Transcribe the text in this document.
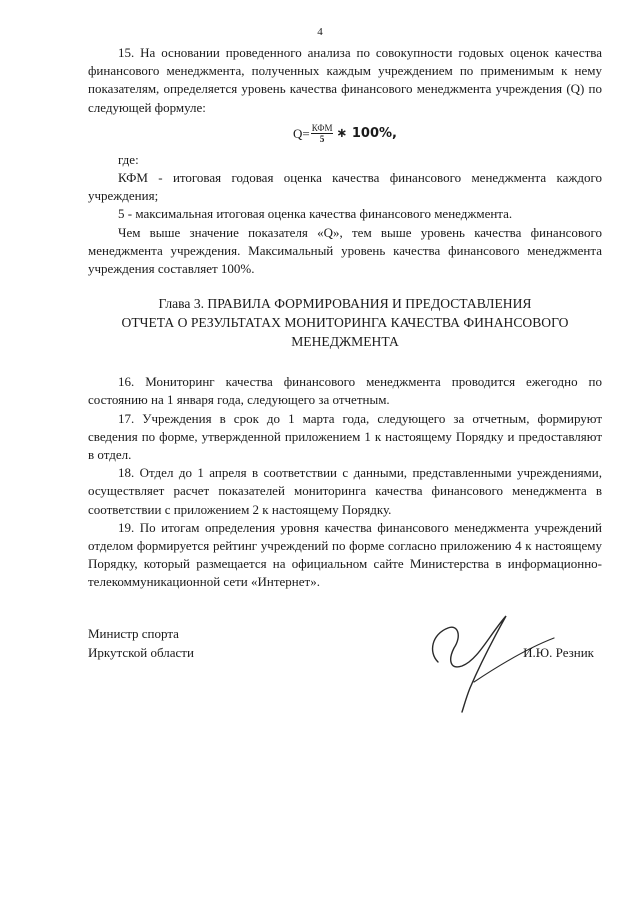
4

15. На основании проведенного анализа по совокупности годовых оценок качества финансового менеджмента, полученных каждым учреждением по применимым к нему показателям, определяется уровень качества финансового менеджмента учреждения (Q) по следующей формуле:

$Q= \frac{\text{КФМ}}{5}$ ∗ 100%,

где:

КФМ - итоговая годовая оценка качества финансового менеджмента каждого учреждения;

5 - максимальная итоговая оценка качества финансового менеджмента.

Чем выше значение показателя «Q», тем выше уровень качества финансового менеджмента учреждения. Максимальный уровень качества финансового менеджмента учреждения составляет 100%.

Глава 3. ПРАВИЛА ФОРМИРОВАНИЯ И ПРЕДОСТАВЛЕНИЯ
ОТЧЕТА О РЕЗУЛЬТАТАХ МОНИТОРИНГА КАЧЕСТВА ФИНАНСОВОГО
МЕНЕДЖМЕНТА

16. Мониторинг качества финансового менеджмента проводится ежегодно по состоянию на 1 января года, следующего за отчетным.

17. Учреждения в срок до 1 марта года, следующего за отчетным, формируют сведения по форме, утвержденной приложением 1 к настоящему Порядку и предоставляют в отдел.

18. Отдел до 1 апреля в соответствии с данными, представленными учреждениями, осуществляет расчет показателей мониторинга качества финансового менеджмента в соответствии с приложением 2 к настоящему Порядку.

19. По итогам определения уровня качества финансового менеджмента учреждений отделом формируется рейтинг учреждений по форме согласно приложению 4 к настоящему Порядку, который размещается на официальном сайте Министерства в информационно-телекоммуникационной сети «Интернет».

Министр спорта
Иркутской области	И.Ю. Резник
